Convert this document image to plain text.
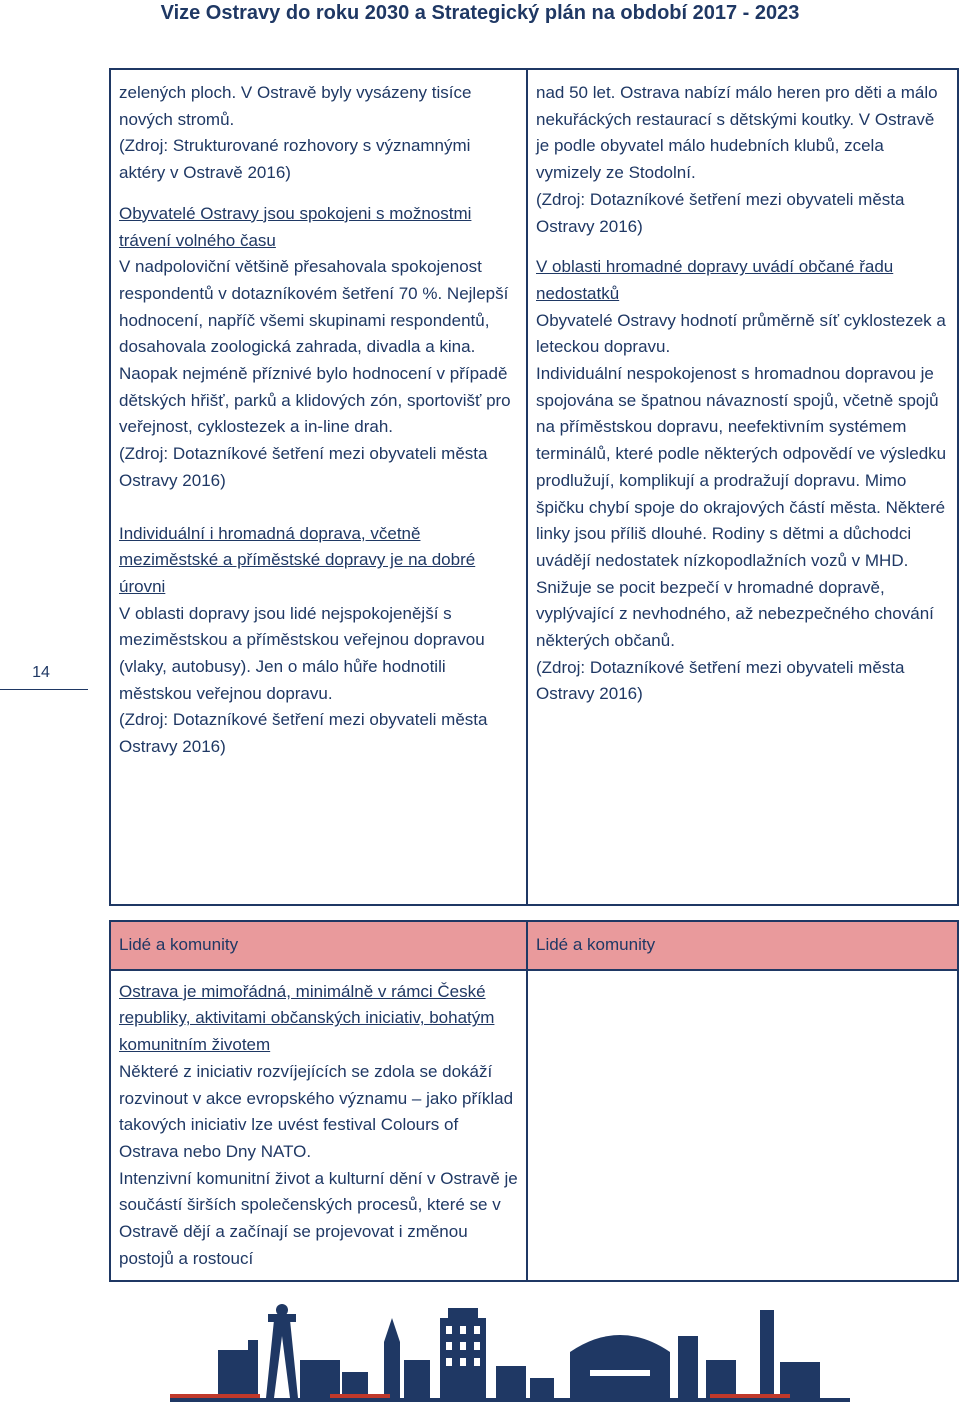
Vize Ostravy do roku 2030 a Strategický plán na období 2017 - 2023
14
zelených ploch. V Ostravě byly vysázeny tisíce nových stromů.
(Zdroj: Strukturované rozhovory s významnými aktéry v Ostravě 2016)
Obyvatelé Ostravy jsou spokojeni s možnostmi trávení volného času
V nadpoloviční většině přesahovala spokojenost respondentů v dotazníkovém šetření 70 %. Nejlepší hodnocení, napříč všemi skupinami respondentů, dosahovala zoologická zahrada, divadla a kina. Naopak nejméně příznivé bylo hodnocení v případě dětských hřišť, parků a klidových zón, sportovišť pro veřejnost, cyklostezek a in-line drah.
(Zdroj: Dotazníkové šetření mezi obyvateli města Ostravy 2016)
Individuální i hromadná doprava, včetně meziměstské a příměstské dopravy je na dobré úrovni
V oblasti dopravy jsou lidé nejspokojenější s meziměstskou a příměstskou veřejnou dopravou (vlaky, autobusy). Jen o málo hůře hodnotili městskou veřejnou dopravu.
(Zdroj: Dotazníkové šetření mezi obyvateli města Ostravy 2016)

nad 50 let. Ostrava nabízí málo heren pro děti a málo nekuřáckých restaurací s dětskými koutky. V Ostravě je podle obyvatel málo hudebních klubů, zcela vymizely ze Stodolní.
(Zdroj: Dotazníkové šetření mezi obyvateli města Ostravy 2016)
V oblasti hromadné dopravy uvádí občané řadu nedostatků
Obyvatelé Ostravy hodnotí průměrně síť cyklostezek a leteckou dopravu.
Individuální nespokojenost s hromadnou dopravou je spojována se špatnou návazností spojů, včetně spojů na příměstskou dopravu, neefektivním systémem terminálů, které podle některých odpovědí ve výsledku prodlužují, komplikují a prodražují dopravu. Mimo špičku chybí spoje do okrajových částí města. Některé linky jsou příliš dlouhé. Rodiny s dětmi a důchodci uvádějí nedostatek nízkopodlažních vozů v MHD.
Snižuje se pocit bezpečí v hromadné dopravě, vyplývající z nevhodného, až nebezpečného chování některých občanů.
(Zdroj: Dotazníkové šetření mezi obyvateli města Ostravy 2016)
Lidé a komunity	Lidé a komunity

Ostrava je mimořádná, minimálně v rámci České republiky, aktivitami občanských iniciativ, bohatým komunitním životem
Některé z iniciativ rozvíjejících se zdola se dokáží rozvinout v akce evropského významu – jako příklad takových iniciativ lze uvést festival Colours of Ostrava nebo Dny NATO.
Intenzivní komunitní život a kulturní dění v Ostravě je součástí širších společenských procesů, které se v Ostravě dějí a začínají se projevovat i změnou postojů a rostoucí	
